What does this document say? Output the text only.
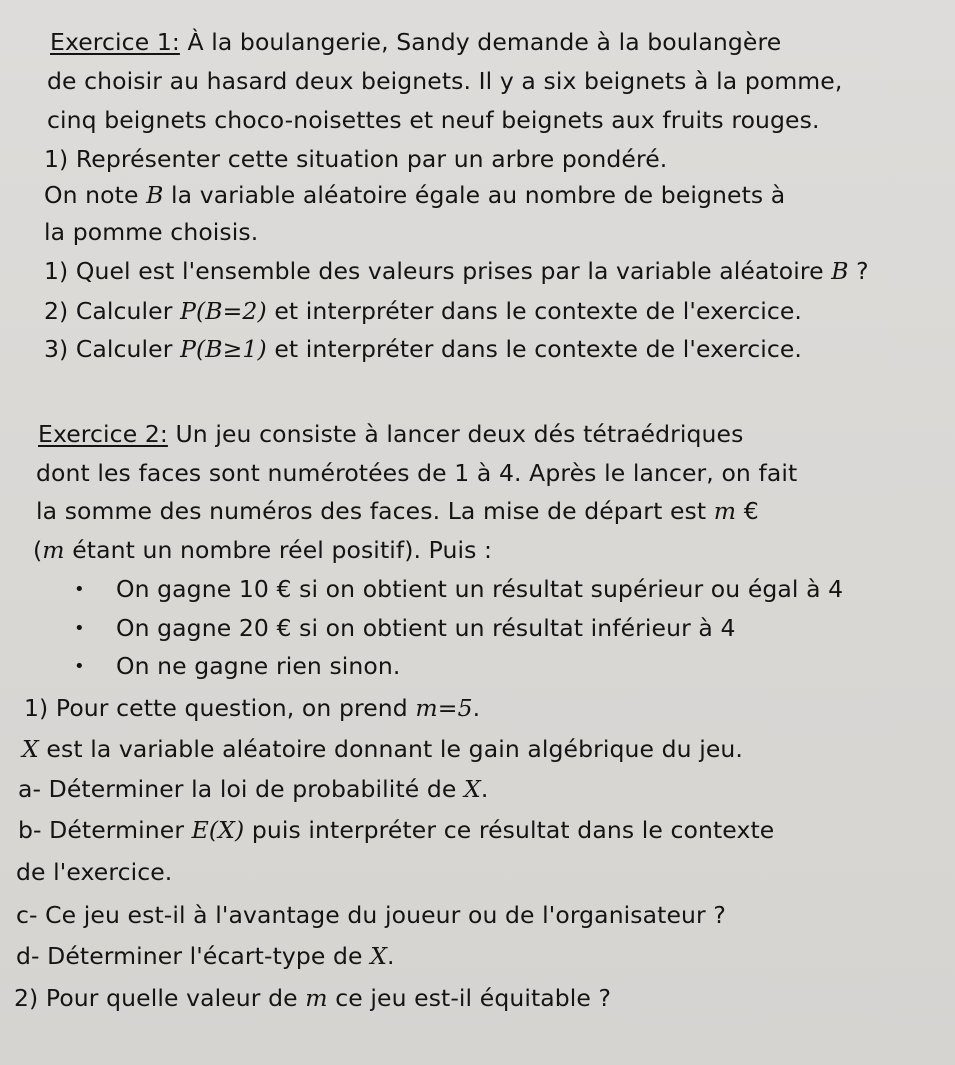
Exercice 1: À la boulangerie, Sandy demande à la boulangère
de choisir au hasard deux beignets. Il y a six beignets à la pomme,
cinq beignets choco-noisettes et neuf beignets aux fruits rouges.
1) Représenter cette situation par un arbre pondéré.
On note B la variable aléatoire égale au nombre de beignets à
la pomme choisis.
1) Quel est l'ensemble des valeurs prises par la variable aléatoire B ?
2) Calculer P(B=2) et interpréter dans le contexte de l'exercice.
3) Calculer P(B≥1) et interpréter dans le contexte de l'exercice.
Exercice 2: Un jeu consiste à lancer deux dés tétraédriques
dont les faces sont numérotées de 1 à 4. Après le lancer, on fait
la somme des numéros des faces. La mise de départ est m €
(m étant un nombre réel positif). Puis :
• On gagne 10 € si on obtient un résultat supérieur ou égal à 4
• On gagne 20 € si on obtient un résultat inférieur à 4
• On ne gagne rien sinon.
1) Pour cette question, on prend m=5.
X est la variable aléatoire donnant le gain algébrique du jeu.
a- Déterminer la loi de probabilité de X.
b- Déterminer E(X) puis interpréter ce résultat dans le contexte
de l'exercice.
c- Ce jeu est-il à l'avantage du joueur ou de l'organisateur ?
d- Déterminer l'écart-type de X.
2) Pour quelle valeur de m ce jeu est-il équitable ?
